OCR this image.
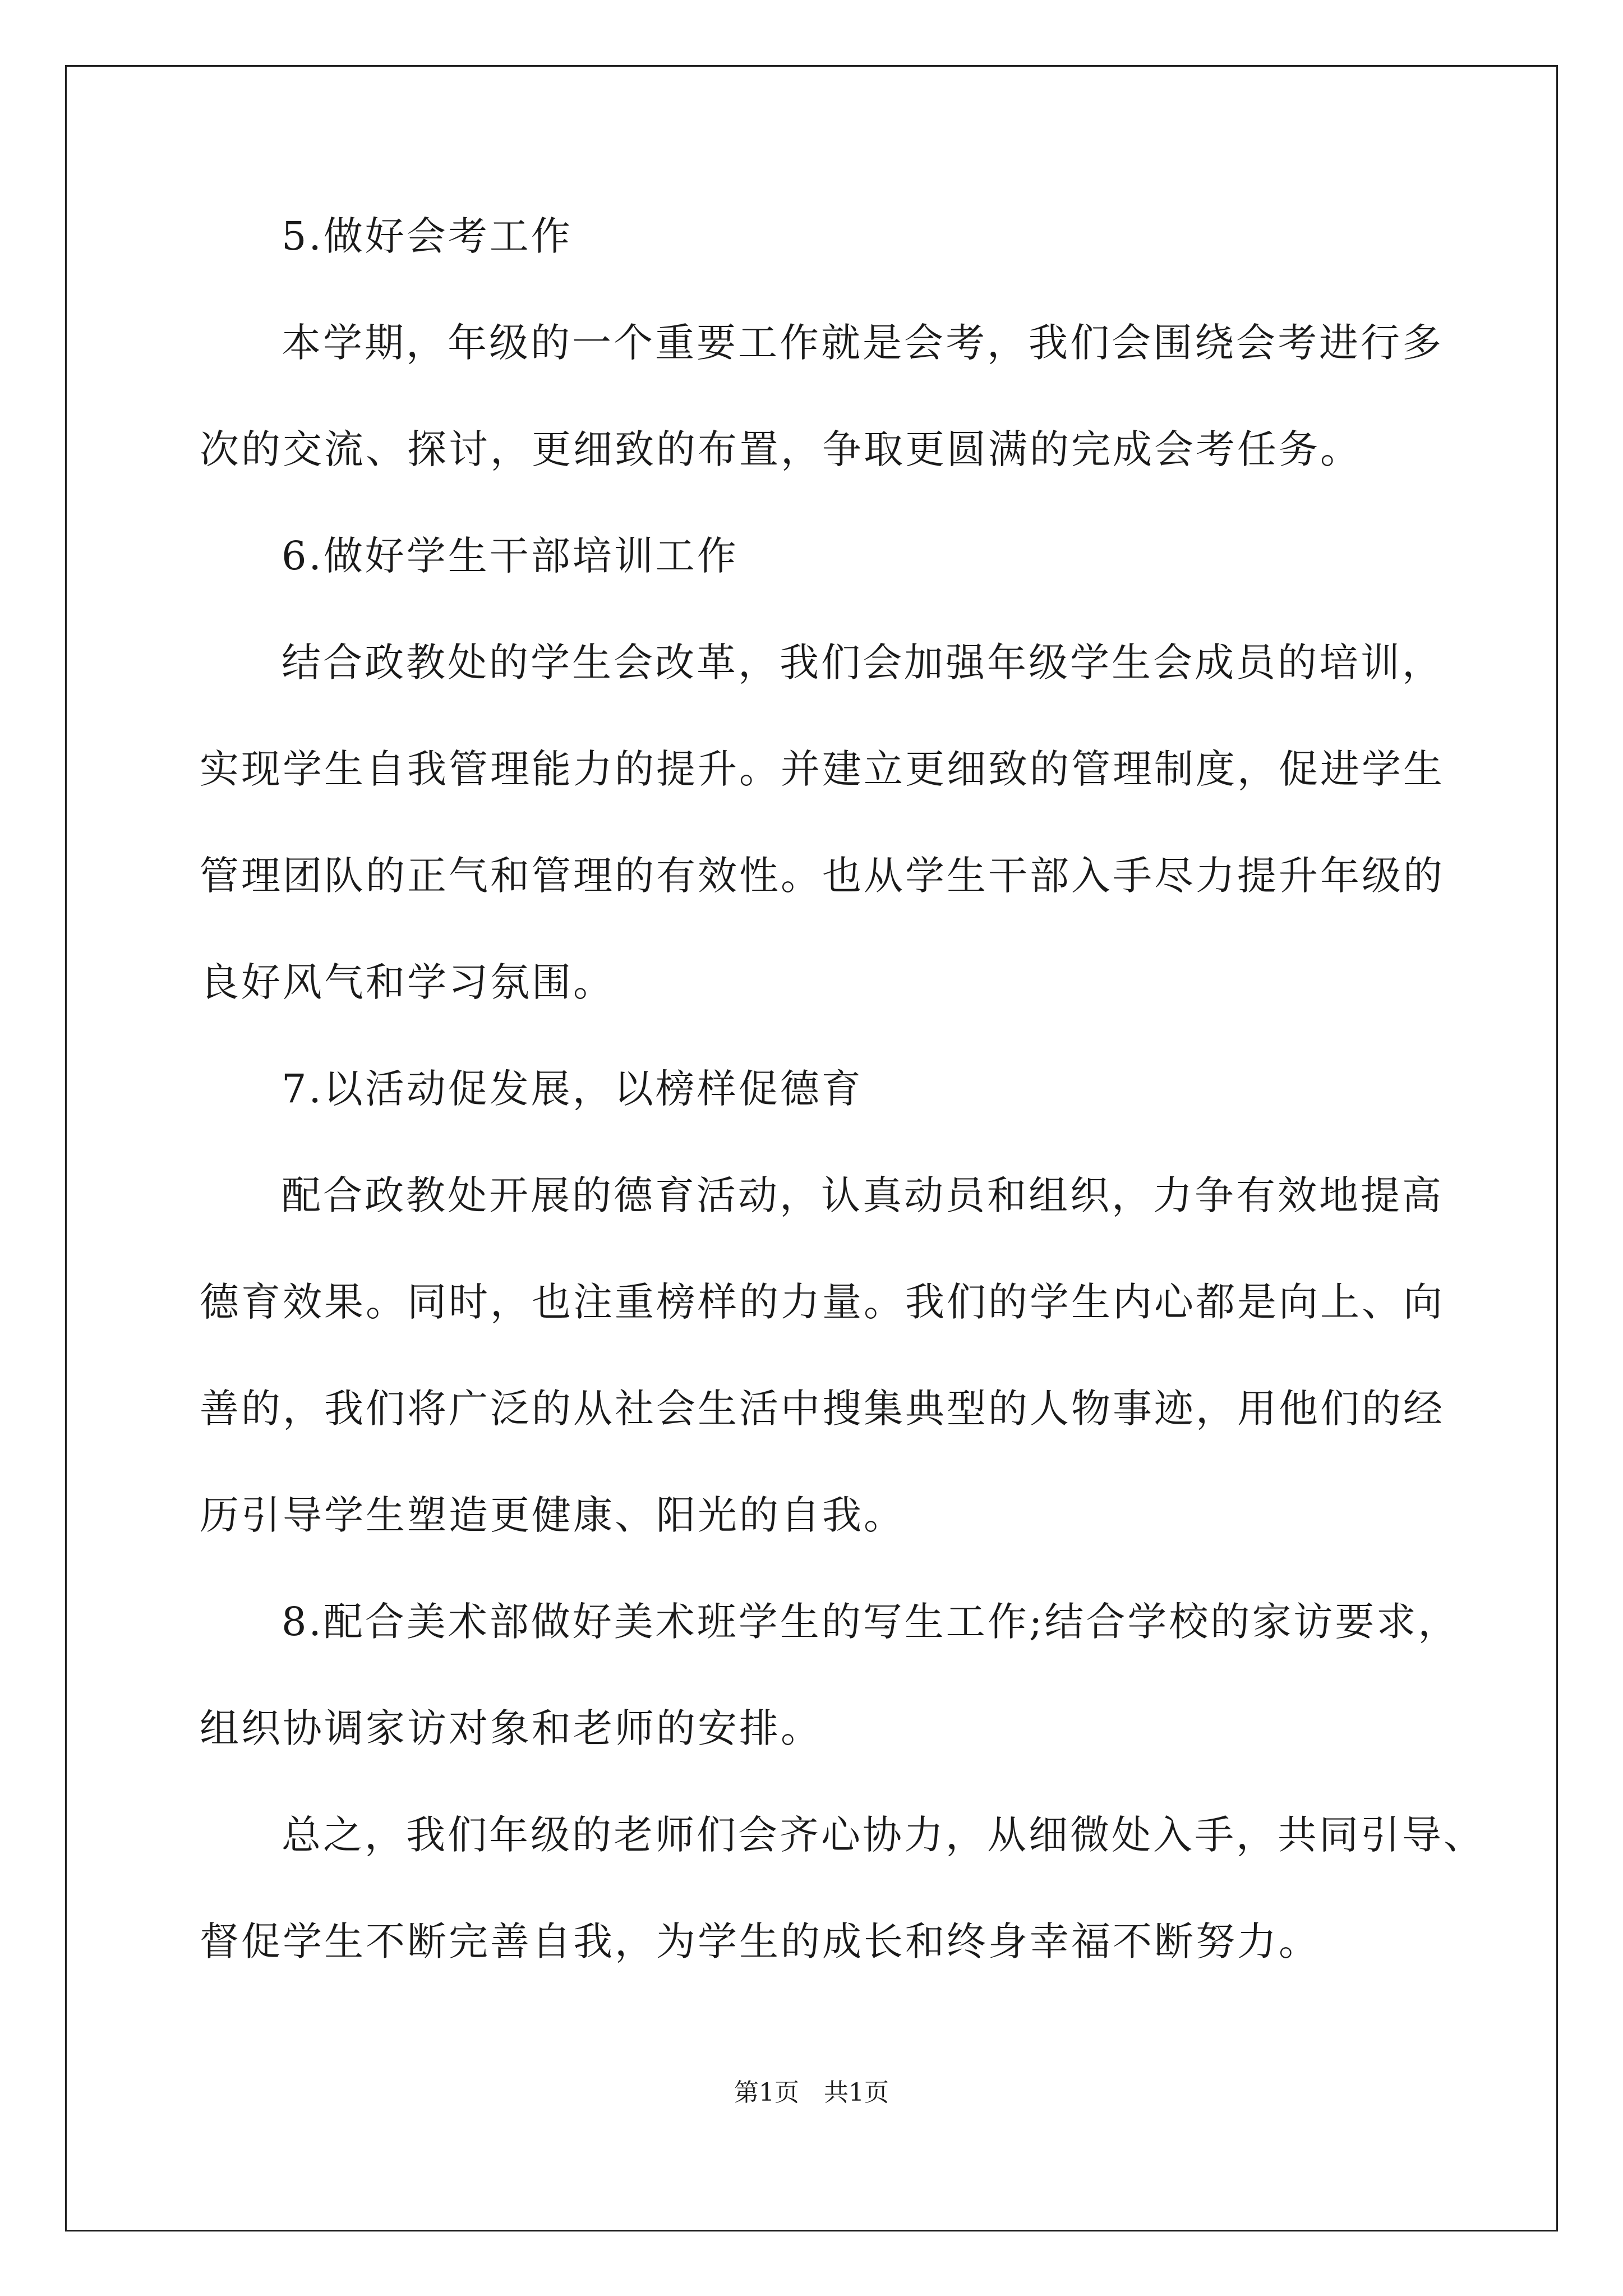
5.做好会考工作

本学期，年级的一个重要工作就是会考，我们会围绕会考进行多

次的交流、探讨，更细致的布置，争取更圆满的完成会考任务。

6.做好学生干部培训工作

结合政教处的学生会改革，我们会加强年级学生会成员的培训，

实现学生自我管理能力的提升。并建立更细致的管理制度，促进学生

管理团队的正气和管理的有效性。也从学生干部入手尽力提升年级的

良好风气和学习氛围。

7.以活动促发展，以榜样促德育

配合政教处开展的德育活动，认真动员和组织，力争有效地提高

德育效果。同时，也注重榜样的力量。我们的学生内心都是向上、向

善的，我们将广泛的从社会生活中搜集典型的人物事迹，用他们的经

历引导学生塑造更健康、阳光的自我。

8.配合美术部做好美术班学生的写生工作;结合学校的家访要求，

组织协调家访对象和老师的安排。

总之，我们年级的老师们会齐心协力，从细微处入手，共同引导、

督促学生不断完善自我，为学生的成长和终身幸福不断努力。

第1页　共1页
